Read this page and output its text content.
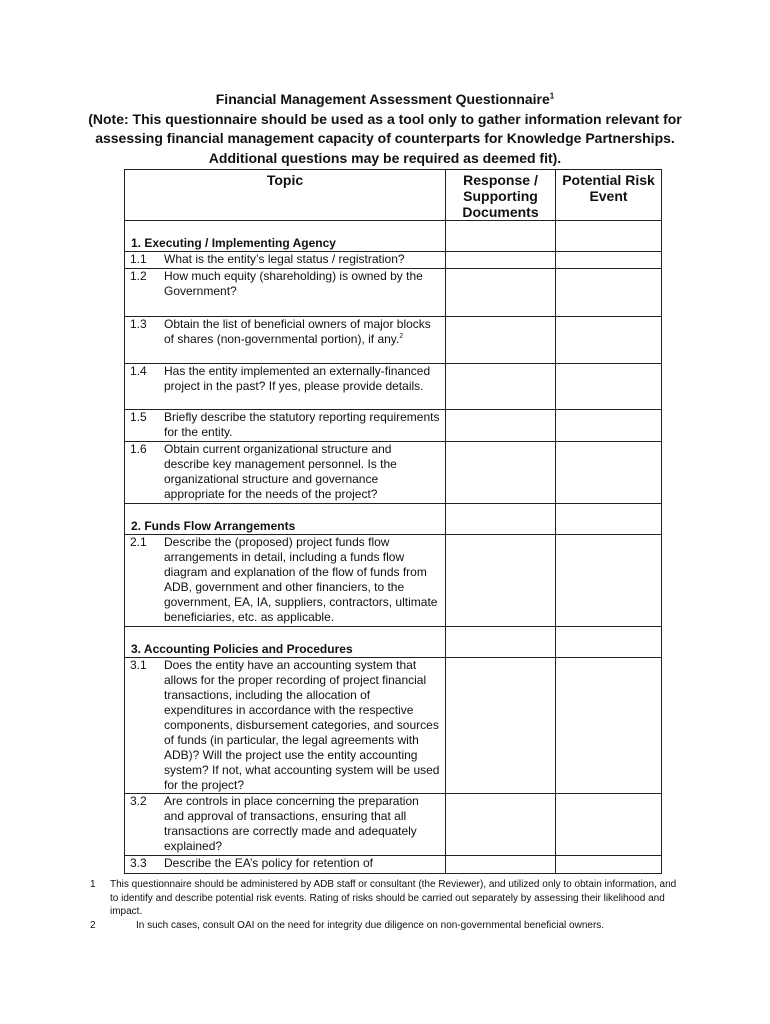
Financial Management Assessment Questionnaire$^1$
(Note: This questionnaire should be used as a tool only to gather information relevant for assessing financial management capacity of counterparts for Knowledge Partnerships. Additional questions may be required as deemed fit).
Topic	Response / Supporting Documents	Potential Risk Event

1. Executing / Implementing Agency		

1.1 What is the entity’s legal status / registration?		
1.2 How much equity (shareholding) is owned by the Government?		
1.3 Obtain the list of beneficial owners of major blocks of shares (non-governmental portion), if any.$^2$		
1.4 Has the entity implemented an externally-financed project in the past? If yes, please provide details.		
1.5 Briefly describe the statutory reporting requirements for the entity.		
1.6 Obtain current organizational structure and describe key management personnel. Is the organizational structure and governance appropriate for the needs of the project?		

2. Funds Flow Arrangements		

2.1 Describe the (proposed) project funds flow arrangements in detail, including a funds flow diagram and explanation of the flow of funds from ADB, government and other financiers, to the government, EA, IA, suppliers, contractors, ultimate beneficiaries, etc. as applicable.		

3. Accounting Policies and Procedures		

3.1 Does the entity have an accounting system that allows for the proper recording of project financial transactions, including the allocation of expenditures in accordance with the respective components, disbursement categories, and sources of funds (in particular, the legal agreements with ADB)? Will the project use the entity accounting system? If not, what accounting system will be used for the project?		
3.2 Are controls in place concerning the preparation and approval of transactions, ensuring that all transactions are correctly made and adequately explained?		
3.3 Describe the EA’s policy for retention of		
1	This questionnaire should be administered by ADB staff or consultant (the Reviewer), and utilized only to obtain information, and to identify and describe potential risk events. Rating of risks should be carried out separately by assessing their likelihood and impact.
2	In such cases, consult OAI on the need for integrity due diligence on non-governmental beneficial owners.
